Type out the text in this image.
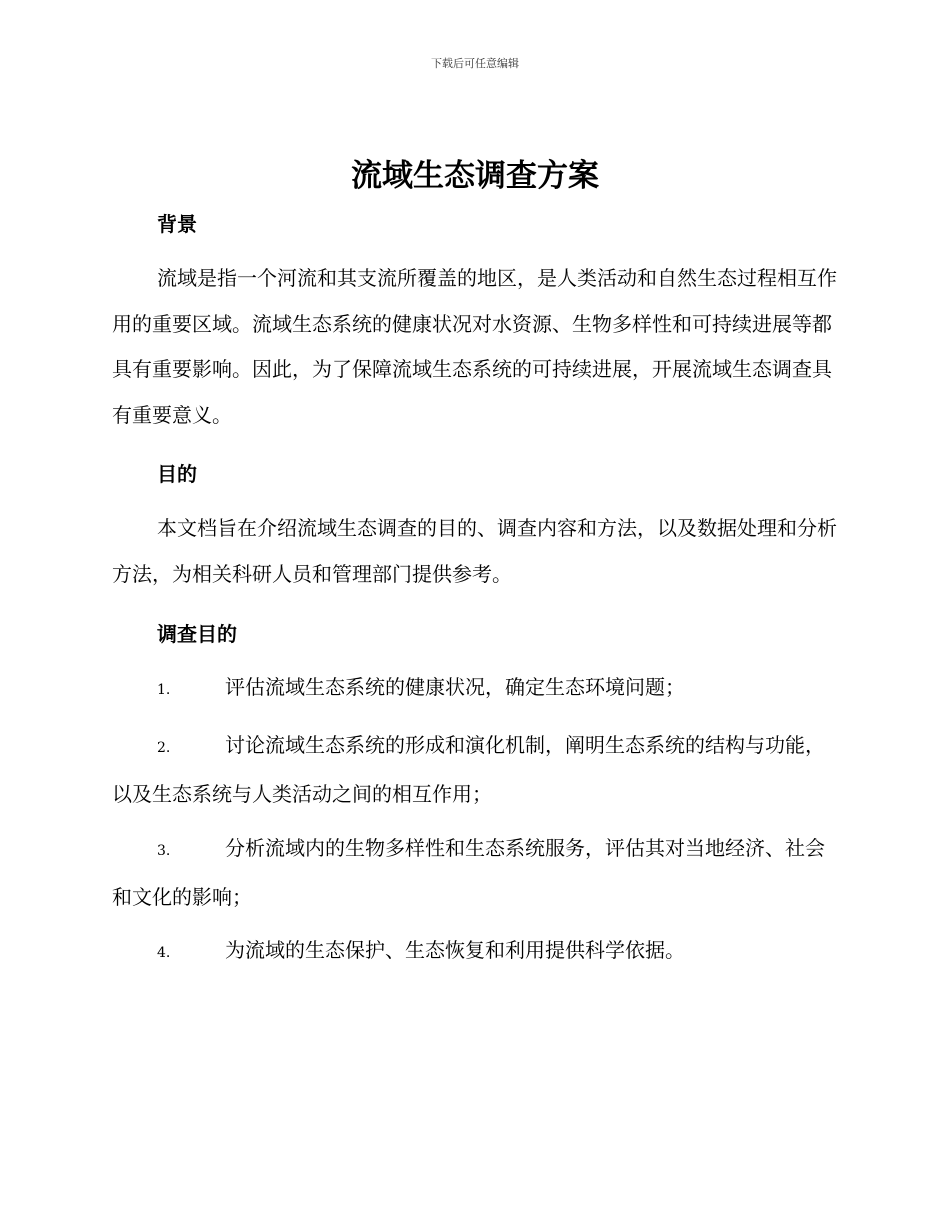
下载后可任意编辑
流域生态调查方案
背景

流域是指一个河流和其支流所覆盖的地区，是人类活动和自然生态过程相互作用的重要区域。流域生态系统的健康状况对水资源、生物多样性和可持续进展等都具有重要影响。因此，为了保障流域生态系统的可持续进展，开展流域生态调查具有重要意义。

目的

本文档旨在介绍流域生态调查的目的、调查内容和方法，以及数据处理和分析方法，为相关科研人员和管理部门提供参考。

调查目的
1.	评估流域生态系统的健康状况，确定生态环境问题；
2.	讨论流域生态系统的形成和演化机制，阐明生态系统的结构与功能，以及生态系统与人类活动之间的相互作用；
3.	分析流域内的生物多样性和生态系统服务，评估其对当地经济、社会和文化的影响；
4.	为流域的生态保护、生态恢复和利用提供科学依据。
